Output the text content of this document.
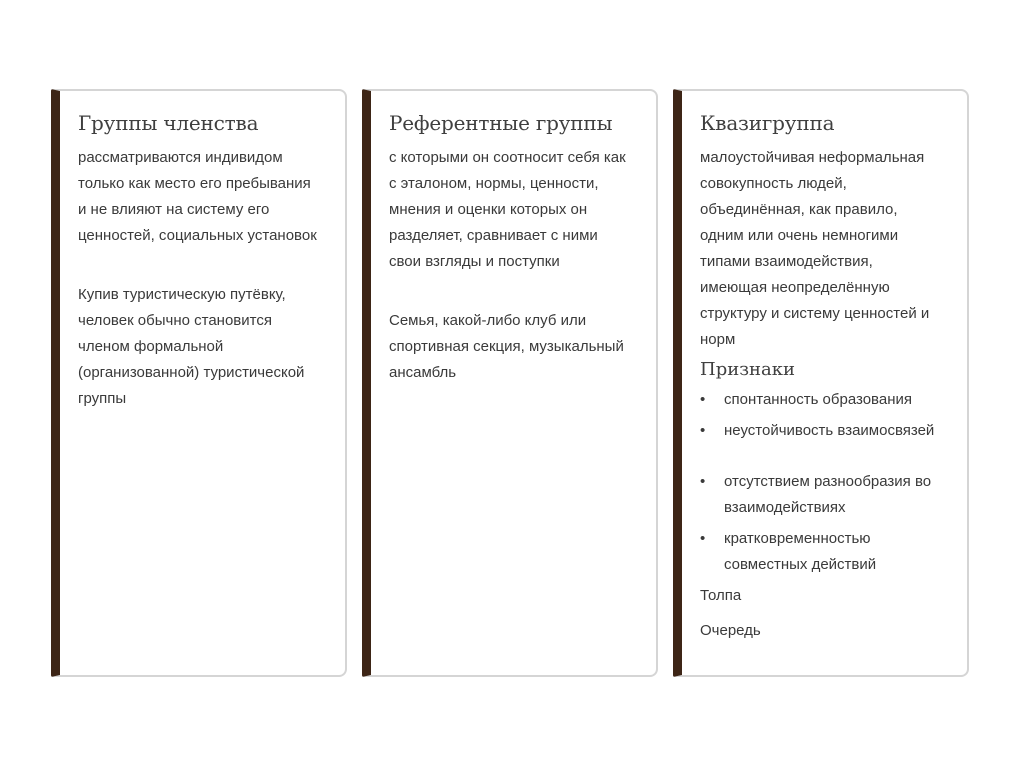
Группы членства

рассматриваются индивидом
только как место его пребывания
и не влияют на систему его
ценностей, социальных установок

Купив туристическую путёвку,
человек обычно становится
членом формальной
(организованной) туристической
группы

Референтные группы

с которыми он соотносит себя как
с эталоном, нормы, ценности,
мнения и оценки которых он
разделяет, сравнивает с ними
свои взгляды и поступки

Семья, какой-либо клуб или
спортивная секция, музыкальный
ансамбль

Квазигруппа

малоустойчивая неформальная
совокупность людей,
объединённая, как правило,
одним или очень немногими
типами взаимодействия,
имеющая неопределённую
структуру и систему ценностей и
норм

Признаки
• спонтанность образования
• неустойчивость взаимосвязей
• отсутствием разнообразия во
взаимодействиях
• кратковременностью
совместных действий
Толпа
Очередь
